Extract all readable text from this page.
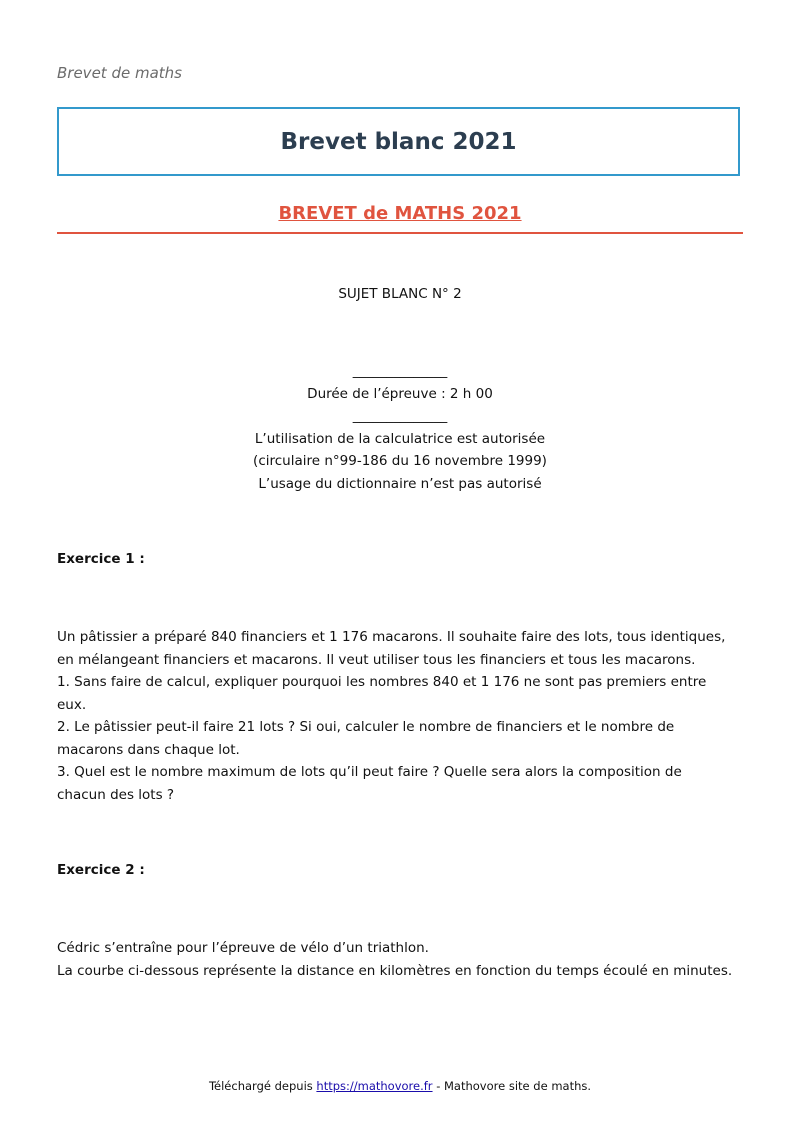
Brevet de maths
Brevet blanc 2021
BREVET de MATHS 2021
SUJET BLANC N° 2
______________
Durée de l’épreuve : 2 h 00
______________
L’utilisation de la calculatrice est autorisée
(circulaire n°99-186 du 16 novembre 1999)
L’usage du dictionnaire n’est pas autorisé
Exercice 1 :

Un pâtissier a préparé 840 financiers et 1 176 macarons. Il souhaite faire des lots, tous identiques,

en mélangeant financiers et macarons. Il veut utiliser tous les financiers et tous les macarons.

1. Sans faire de calcul, expliquer pourquoi les nombres 840 et 1 176 ne sont pas premiers entre

eux.

2. Le pâtissier peut-il faire 21 lots ? Si oui, calculer le nombre de financiers et le nombre de

macarons dans chaque lot.

3. Quel est le nombre maximum de lots qu’il peut faire ? Quelle sera alors la composition de

chacun des lots ?

Exercice 2 :

Cédric s’entraîne pour l’épreuve de vélo d’un triathlon.

La courbe ci-dessous représente la distance en kilomètres en fonction du temps écoulé en minutes.

Téléchargé depuis https://mathovore.fr - Mathovore site de maths.
